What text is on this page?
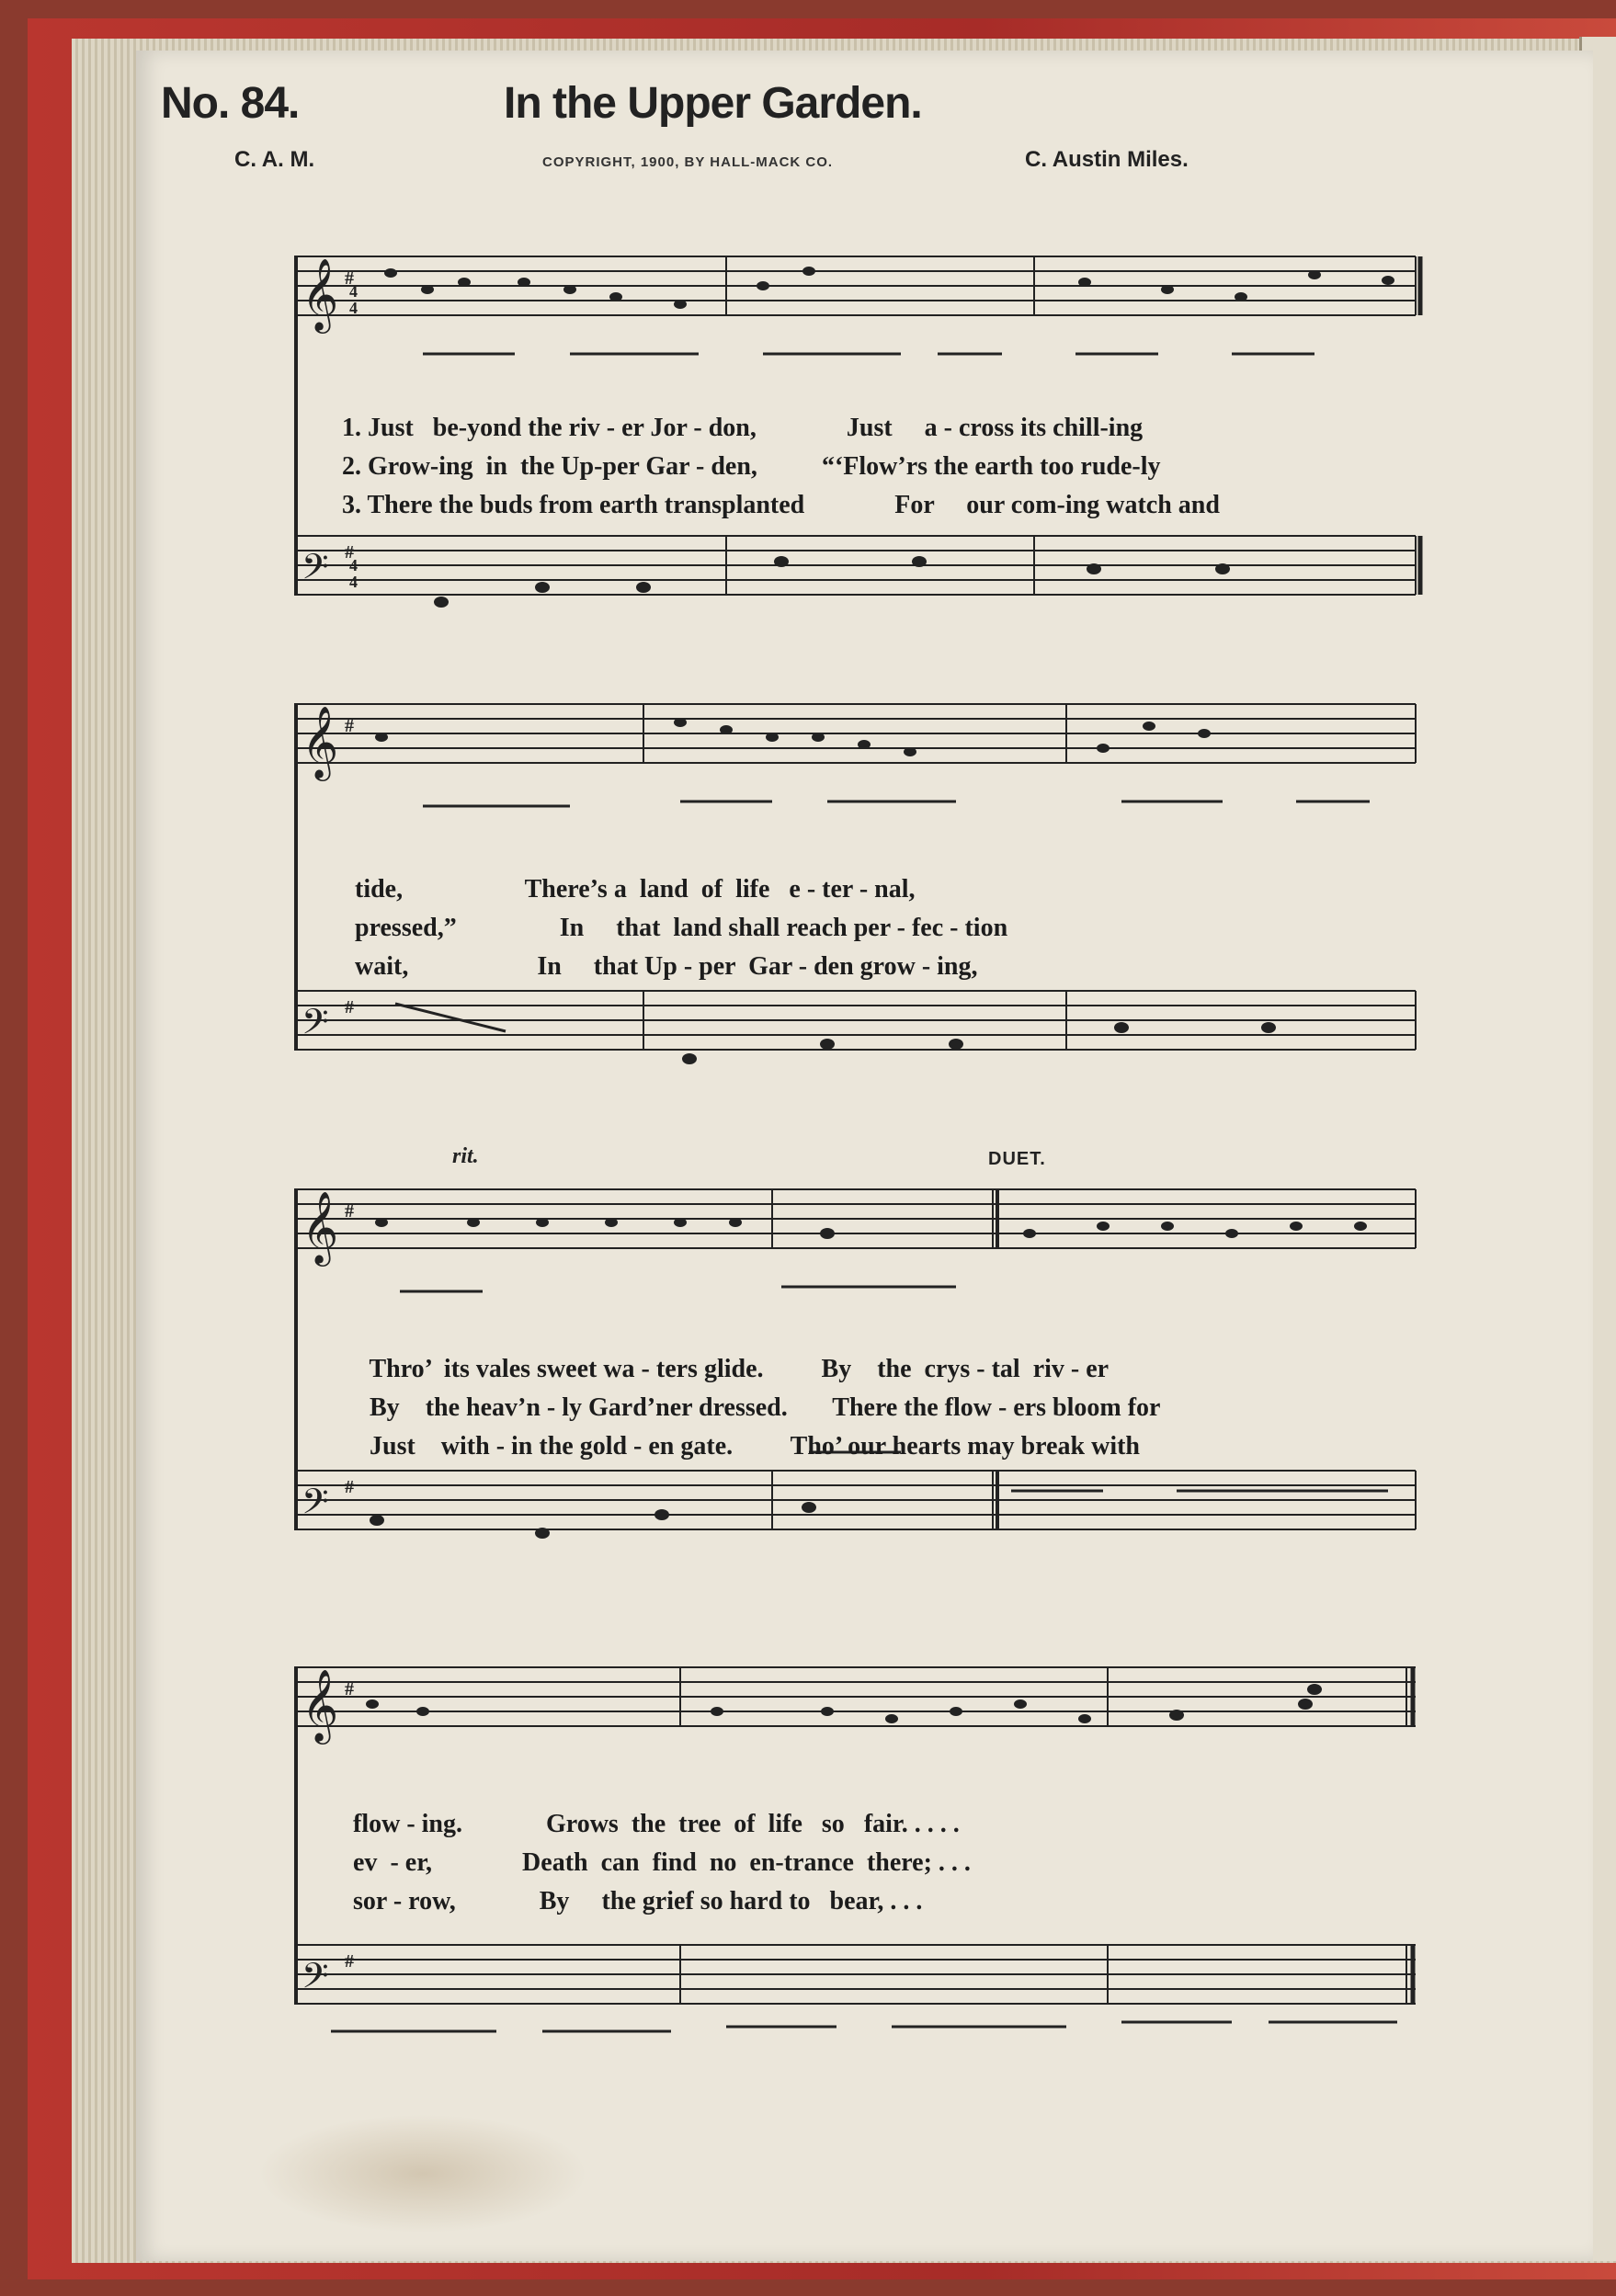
No. 84.	In the Upper Garden.
C. A. M.	COPYRIGHT, 1900, BY HALL-MACK CO.	C. Austin Miles.
𝄞 #
4
4
𝄢 #
4
4

1. Just be-yond the riv - er Jor - don,	Just a - cross its chill-ing

2. Grow-ing in the Up-per Gar - den,	“‘Flow’rs the earth too rude-ly

3. There the buds from earth transplanted	For our com-ing watch and

𝄞 #
𝄢 #

tide,	There’s a land of life e - ter - nal,

pressed,”	In that land shall reach per - fec - tion

wait,	In that Up - per Gar - den grow - ing,

rit.	DUET.
𝄞 #
𝄢 #

Thro’ its vales sweet wa - ters glide. By the crys - tal riv - er

By the heav’n - ly Gard’ner dressed. There the flow - ers bloom for

Just with - in the gold - en gate. Tho’ our hearts may break with

𝄞 #
𝄢 #

flow - ing.	Grows the tree of life so fair. . . . .

ev - er,	Death can find no en-trance there; . . .

sor - row,	By the grief so hard to bear, . . .
